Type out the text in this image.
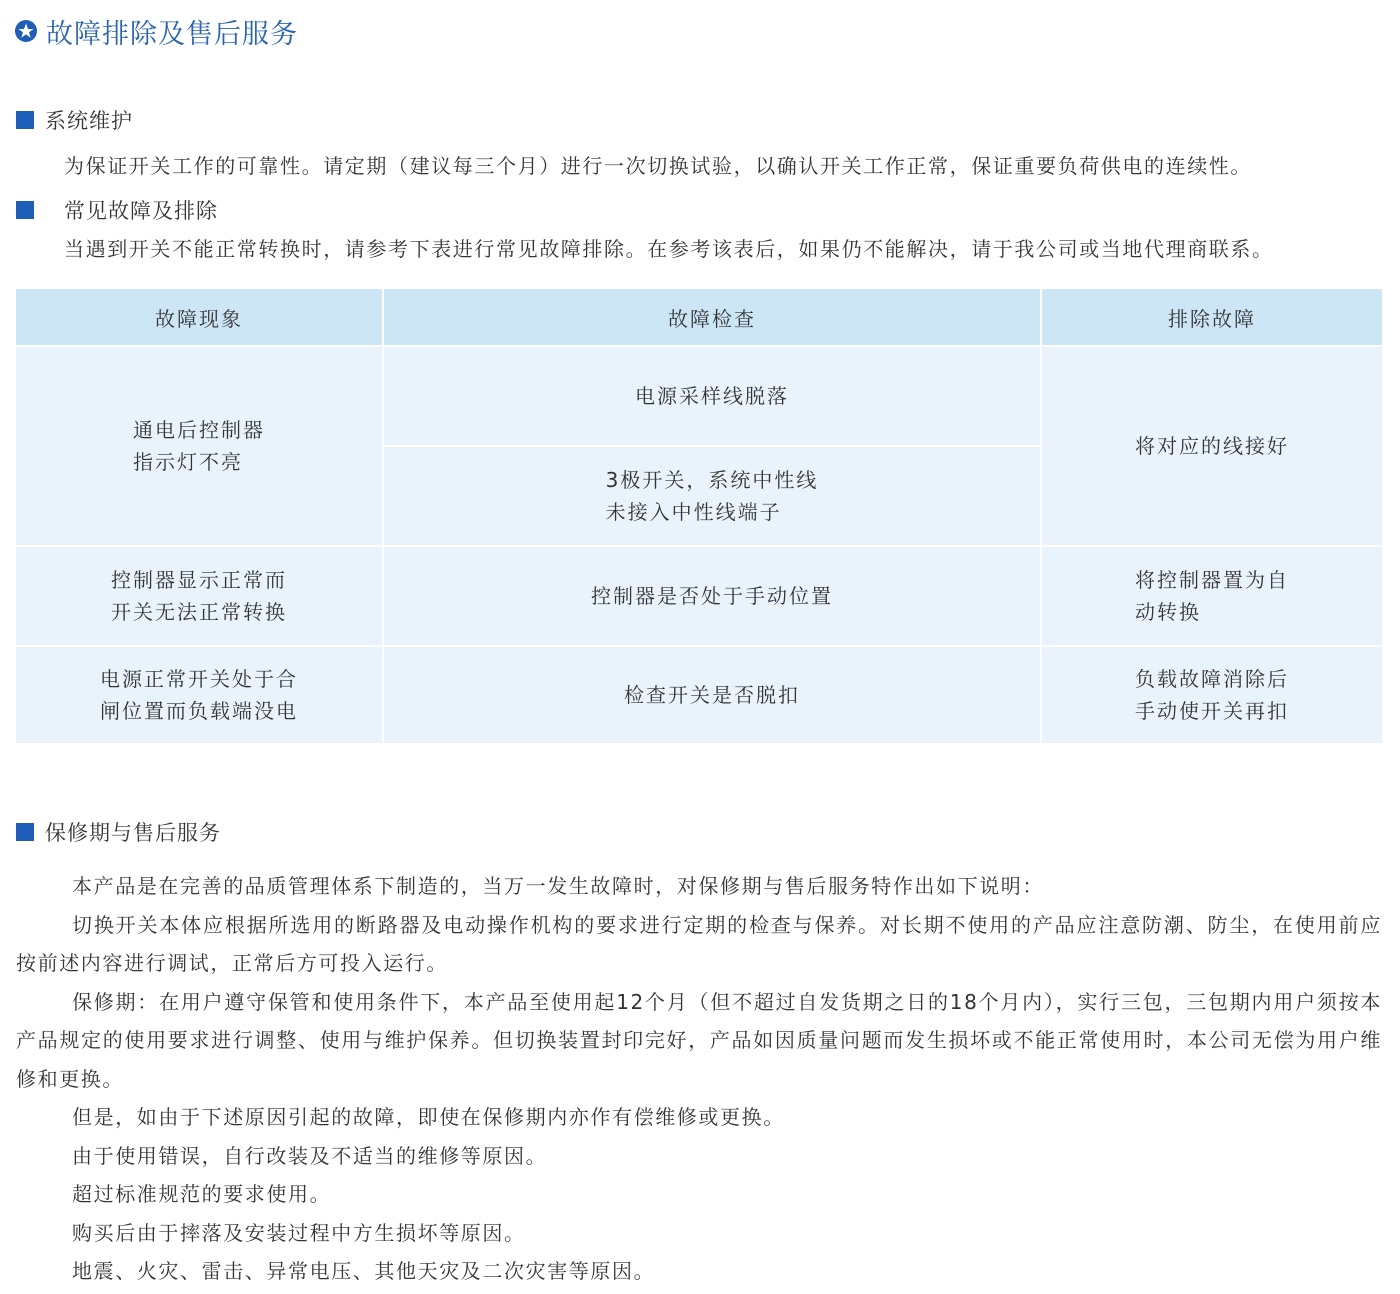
故障排除及售后服务
系统维护
为保证开关工作的可靠性。请定期（建议每三个月）进行一次切换试验，以确认开关工作正常，保证重要负荷供电的连续性。
常见故障及排除
当遇到开关不能正常转换时，请参考下表进行常见故障排除。在参考该表后，如果仍不能解决，请于我公司或当地代理商联系。
故障现象	故障检查	排除故障
通电后控制器
指示灯不亮	电源采样线脱落	将对应的线接好
	3极开关，系统中性线
未接入中性线端子	
控制器显示正常而
开关无法正常转换	控制器是否处于手动位置	将控制器置为自
动转换
电源正常开关处于合
闸位置而负载端没电	检查开关是否脱扣	负载故障消除后
手动使开关再扣
保修期与售后服务

本产品是在完善的品质管理体系下制造的，当万一发生故障时，对保修期与售后服务特作出如下说明：

切换开关本体应根据所选用的断路器及电动操作机构的要求进行定期的检查与保养。对长期不使用的产品应注意防潮、防尘，在使用前应按前述内容进行调试，正常后方可投入运行。

保修期：在用户遵守保管和使用条件下，本产品至使用起12个月（但不超过自发货期之日的18个月内），实行三包，三包期内用户须按本产品规定的使用要求进行调整、使用与维护保养。但切换装置封印完好，产品如因质量问题而发生损坏或不能正常使用时，本公司无偿为用户维修和更换。

但是，如由于下述原因引起的故障，即使在保修期内亦作有偿维修或更换。

由于使用错误，自行改装及不适当的维修等原因。

超过标准规范的要求使用。

购买后由于摔落及安装过程中方生损坏等原因。

地震、火灾、雷击、异常电压、其他天灾及二次灾害等原因。
